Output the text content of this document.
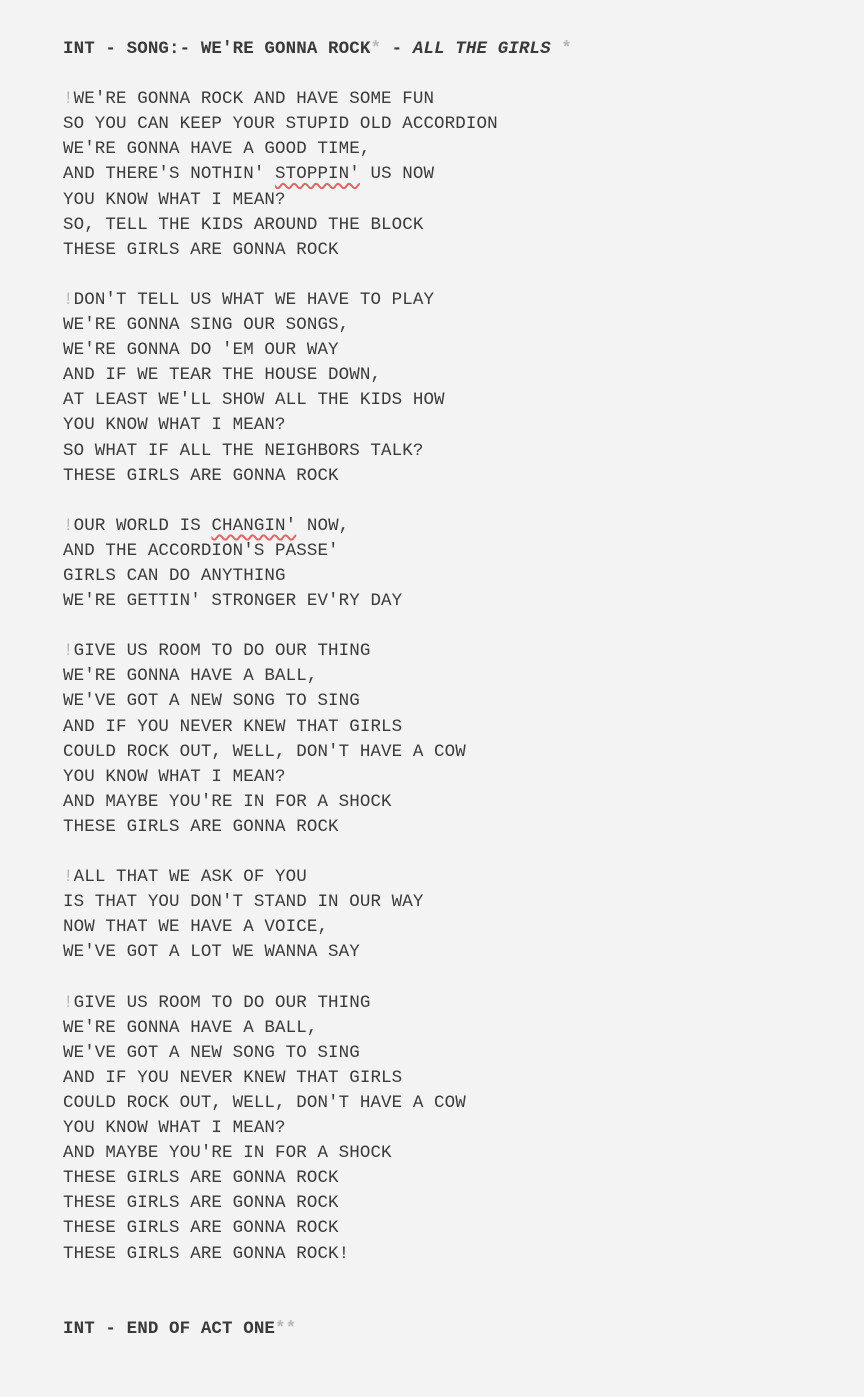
INT - SONG:- WE'RE GONNA ROCK* - ALL THE GIRLS *
!WE'RE GONNA ROCK AND HAVE SOME FUN
SO YOU CAN KEEP YOUR STUPID OLD ACCORDION
WE'RE GONNA HAVE A GOOD TIME,
AND THERE'S NOTHIN' STOPPIN' US NOW
YOU KNOW WHAT I MEAN?
SO, TELL THE KIDS AROUND THE BLOCK
THESE GIRLS ARE GONNA ROCK
!DON'T TELL US WHAT WE HAVE TO PLAY
WE'RE GONNA SING OUR SONGS,
WE'RE GONNA DO 'EM OUR WAY
AND IF WE TEAR THE HOUSE DOWN,
AT LEAST WE'LL SHOW ALL THE KIDS HOW
YOU KNOW WHAT I MEAN?
SO WHAT IF ALL THE NEIGHBORS TALK?
THESE GIRLS ARE GONNA ROCK
!OUR WORLD IS CHANGIN' NOW,
AND THE ACCORDION'S PASSE'
GIRLS CAN DO ANYTHING
WE'RE GETTIN' STRONGER EV'RY DAY
!GIVE US ROOM TO DO OUR THING
WE'RE GONNA HAVE A BALL,
WE'VE GOT A NEW SONG TO SING
AND IF YOU NEVER KNEW THAT GIRLS
COULD ROCK OUT, WELL, DON'T HAVE A COW
YOU KNOW WHAT I MEAN?
AND MAYBE YOU'RE IN FOR A SHOCK
THESE GIRLS ARE GONNA ROCK
!ALL THAT WE ASK OF YOU
IS THAT YOU DON'T STAND IN OUR WAY
NOW THAT WE HAVE A VOICE,
WE'VE GOT A LOT WE WANNA SAY
!GIVE US ROOM TO DO OUR THING
WE'RE GONNA HAVE A BALL,
WE'VE GOT A NEW SONG TO SING
AND IF YOU NEVER KNEW THAT GIRLS
COULD ROCK OUT, WELL, DON'T HAVE A COW
YOU KNOW WHAT I MEAN?
AND MAYBE YOU'RE IN FOR A SHOCK
THESE GIRLS ARE GONNA ROCK
THESE GIRLS ARE GONNA ROCK
THESE GIRLS ARE GONNA ROCK
THESE GIRLS ARE GONNA ROCK!
INT - END OF ACT ONE**
